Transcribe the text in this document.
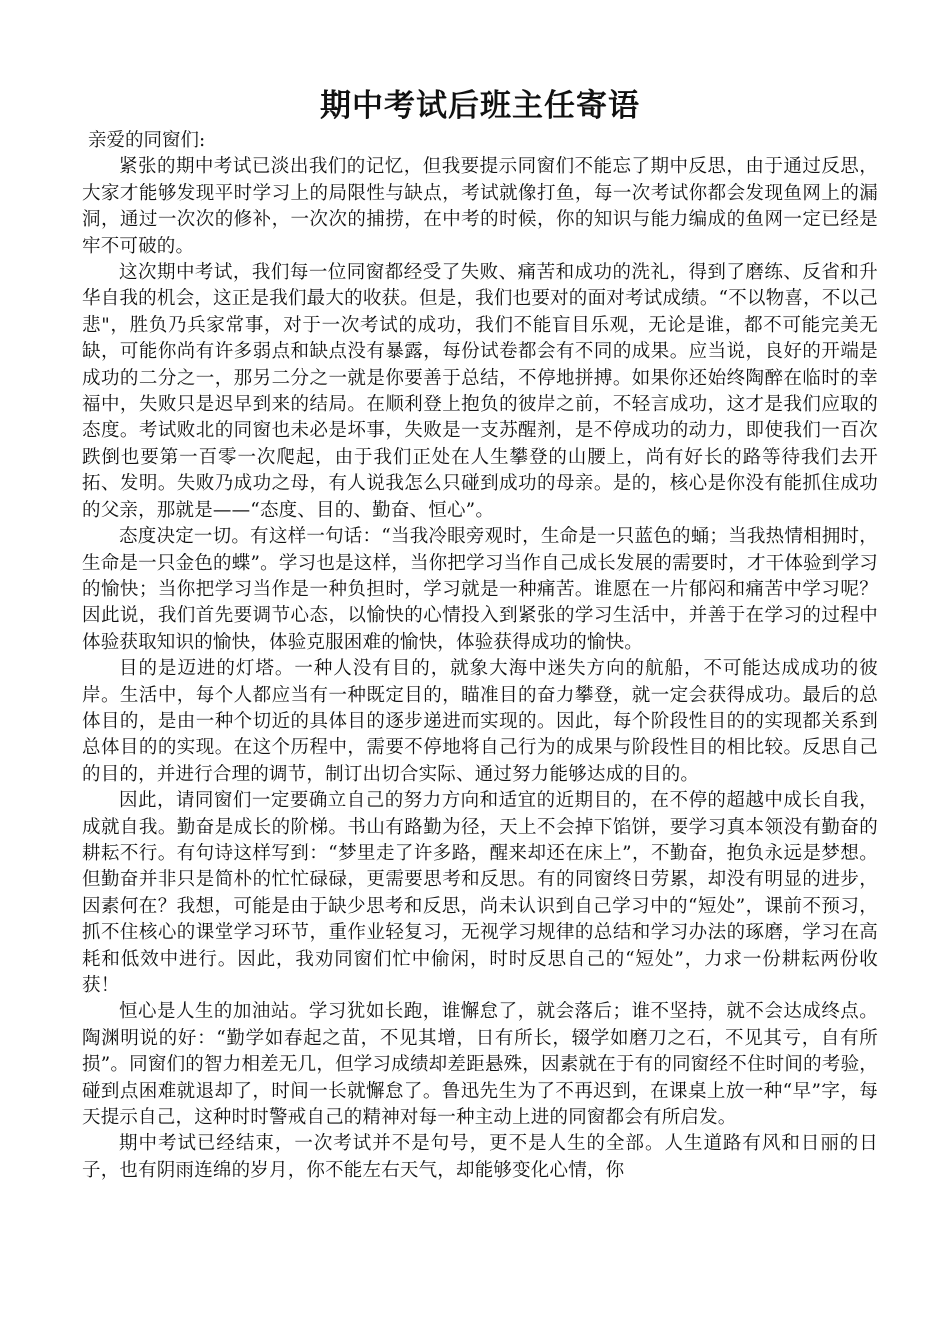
期中考试后班主任寄语

亲爱的同窗们:

紧张的期中考试已淡出我们的记忆，但我要提示同窗们不能忘了期中反思，由于通过反思，大家才能够发现平时学习上的局限性与缺点，考试就像打鱼，每一次考试你都会发现鱼网上的漏洞，通过一次次的修补，一次次的捕捞，在中考的时候，你的知识与能力编成的鱼网一定已经是牢不可破的。

这次期中考试，我们每一位同窗都经受了失败、痛苦和成功的洗礼，得到了磨练、反省和升华自我的机会，这正是我们最大的收获。但是，我们也要对的面对考试成绩。“不以物喜，不以己悲"，胜负乃兵家常事，对于一次考试的成功，我们不能盲目乐观，无论是谁，都不可能完美无缺，可能你尚有许多弱点和缺点没有暴露，每份试卷都会有不同的成果。应当说，良好的开端是成功的二分之一，那另二分之一就是你要善于总结，不停地拼搏。如果你还始终陶醉在临时的幸福中，失败只是迟早到来的结局。在顺利登上抱负的彼岸之前，不轻言成功，这才是我们应取的态度。考试败北的同窗也未必是坏事，失败是一支苏醒剂，是不停成功的动力，即使我们一百次跌倒也要第一百零一次爬起，由于我们正处在人生攀登的山腰上，尚有好长的路等待我们去开拓、发明。失败乃成功之母，有人说我怎么只碰到成功的母亲。是的，核心是你没有能抓住成功的父亲，那就是——“态度、目的、勤奋、恒心”。

态度决定一切。有这样一句话：“当我冷眼旁观时，生命是一只蓝色的蛹；当我热情相拥时，生命是一只金色的蝶”。学习也是这样，当你把学习当作自己成长发展的需要时，才干体验到学习的愉快；当你把学习当作是一种负担时，学习就是一种痛苦。谁愿在一片郁闷和痛苦中学习呢？因此说，我们首先要调节心态，以愉快的心情投入到紧张的学习生活中，并善于在学习的过程中体验获取知识的愉快，体验克服困难的愉快，体验获得成功的愉快。

目的是迈进的灯塔。一种人没有目的，就象大海中迷失方向的航船，不可能达成成功的彼岸。生活中，每个人都应当有一种既定目的，瞄准目的奋力攀登，就一定会获得成功。最后的总体目的，是由一种个切近的具体目的逐步递进而实现的。因此，每个阶段性目的的实现都关系到总体目的的实现。在这个历程中，需要不停地将自己行为的成果与阶段性目的相比较。反思自己的目的，并进行合理的调节，制订出切合实际、通过努力能够达成的目的。

因此，请同窗们一定要确立自己的努力方向和适宜的近期目的，在不停的超越中成长自我，成就自我。勤奋是成长的阶梯。书山有路勤为径，天上不会掉下馅饼，要学习真本领没有勤奋的耕耘不行。有句诗这样写到：“梦里走了许多路，醒来却还在床上”，不勤奋，抱负永远是梦想。但勤奋并非只是简朴的忙忙碌碌，更需要思考和反思。有的同窗终日劳累，却没有明显的进步，因素何在？我想，可能是由于缺少思考和反思，尚未认识到自己学习中的“短处”，课前不预习，抓不住核心的课堂学习环节，重作业轻复习，无视学习规律的总结和学习办法的琢磨，学习在高耗和低效中进行。因此，我劝同窗们忙中偷闲，时时反思自己的“短处”，力求一份耕耘两份收获！

恒心是人生的加油站。学习犹如长跑，谁懈怠了，就会落后；谁不坚持，就不会达成终点。陶渊明说的好：“勤学如春起之苗，不见其增，日有所长，辍学如磨刀之石，不见其亏，自有所损”。同窗们的智力相差无几，但学习成绩却差距悬殊，因素就在于有的同窗经不住时间的考验，碰到点困难就退却了，时间一长就懈怠了。鲁迅先生为了不再迟到，在课桌上放一种“早”字，每天提示自己，这种时时警戒自己的精神对每一种主动上进的同窗都会有所启发。

期中考试已经结束，一次考试并不是句号，更不是人生的全部。人生道路有风和日丽的日子，也有阴雨连绵的岁月，你不能左右天气，却能够变化心情，你
